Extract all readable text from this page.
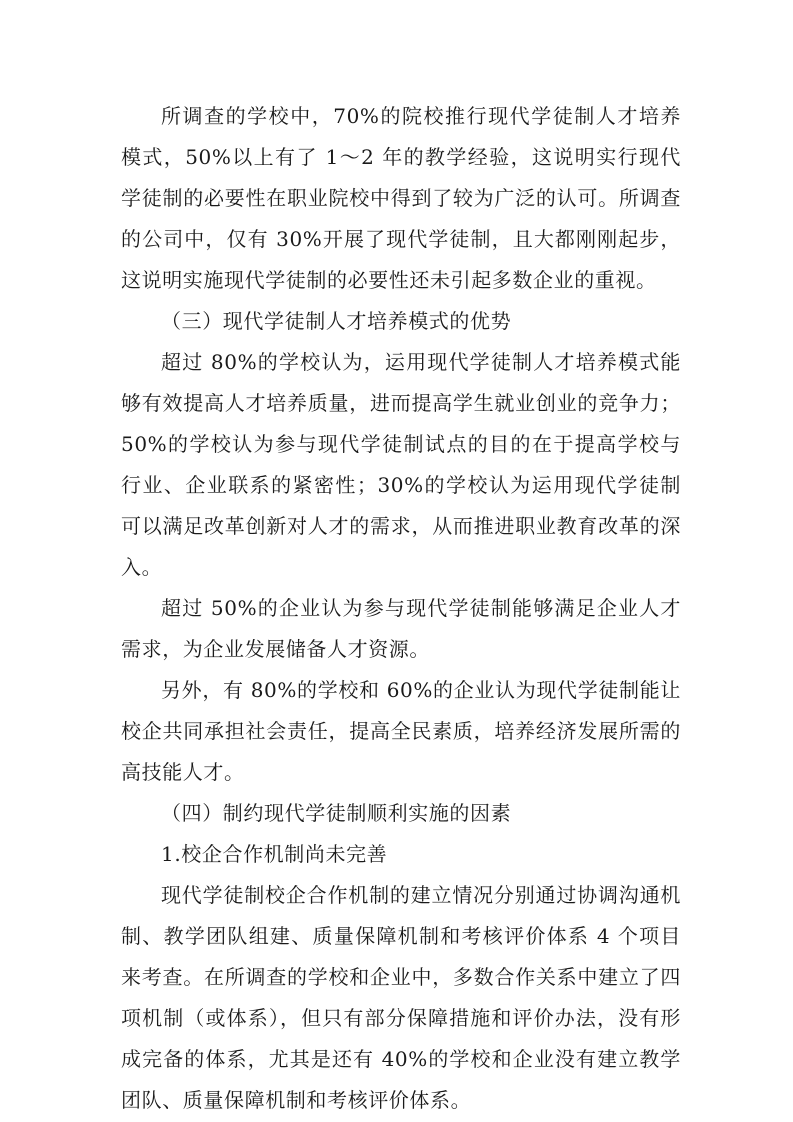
所调查的学校中，70%的院校推行现代学徒制人才培养模式，50%以上有了 1～2 年的教学经验，这说明实行现代学徒制的必要性在职业院校中得到了较为广泛的认可。所调查的公司中，仅有 30%开展了现代学徒制，且大都刚刚起步，这说明实施现代学徒制的必要性还未引起多数企业的重视。

（三）现代学徒制人才培养模式的优势

超过 80%的学校认为，运用现代学徒制人才培养模式能够有效提高人才培养质量，进而提高学生就业创业的竞争力；50%的学校认为参与现代学徒制试点的目的在于提高学校与行业、企业联系的紧密性；30%的学校认为运用现代学徒制可以满足改革创新对人才的需求，从而推进职业教育改革的深入。

超过 50%的企业认为参与现代学徒制能够满足企业人才需求，为企业发展储备人才资源。

另外，有 80%的学校和 60%的企业认为现代学徒制能让校企共同承担社会责任，提高全民素质，培养经济发展所需的高技能人才。

（四）制约现代学徒制顺利实施的因素

1.校企合作机制尚未完善

现代学徒制校企合作机制的建立情况分别通过协调沟通机制、教学团队组建、质量保障机制和考核评价体系 4 个项目来考查。在所调查的学校和企业中，多数合作关系中建立了四项机制（或体系），但只有部分保障措施和评价办法，没有形成完备的体系，尤其是还有 40%的学校和企业没有建立教学团队、质量保障机制和考核评价体系。
